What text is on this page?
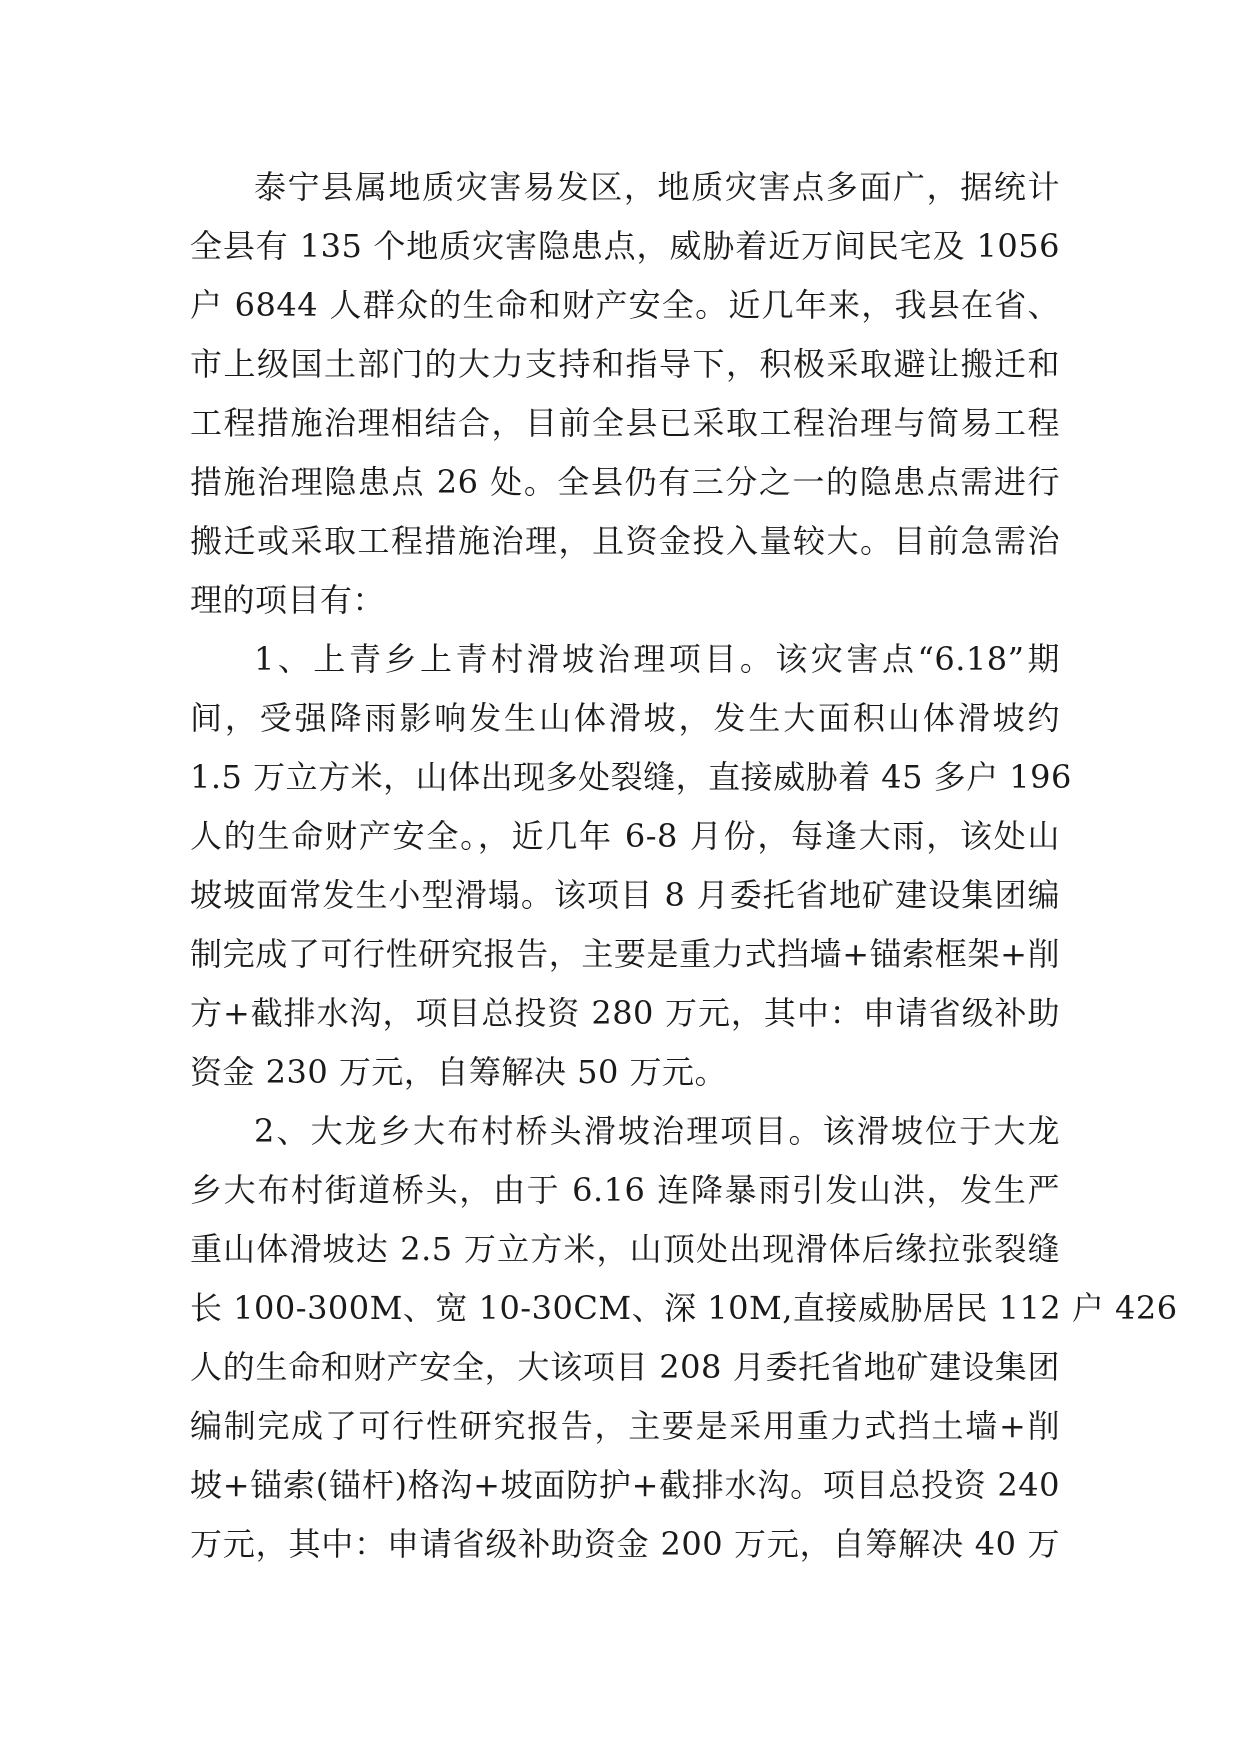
泰宁县属地质灾害易发区，地质灾害点多面广，据统计
全县有 135 个地质灾害隐患点，威胁着近万间民宅及 1056
户 6844 人群众的生命和财产安全。近几年来，我县在省、
市上级国土部门的大力支持和指导下，积极采取避让搬迁和
工程措施治理相结合，目前全县已采取工程治理与简易工程
措施治理隐患点 26 处。全县仍有三分之一的隐患点需进行
搬迁或采取工程措施治理，且资金投入量较大。目前急需治
理的项目有：
1、上青乡上青村滑坡治理项目。该灾害点“6.18”期
间，受强降雨影响发生山体滑坡，发生大面积山体滑坡约
1.5 万立方米，山体出现多处裂缝，直接威胁着 45 多户 196
人的生命财产安全。，近几年 6-8 月份，每逢大雨，该处山
坡坡面常发生小型滑塌。该项目 8 月委托省地矿建设集团编
制完成了可行性研究报告，主要是重力式挡墙+锚索框架+削
方+截排水沟，项目总投资 280 万元，其中：申请省级补助
资金 230 万元，自筹解决 50 万元。
2、大龙乡大布村桥头滑坡治理项目。该滑坡位于大龙
乡大布村街道桥头，由于 6.16 连降暴雨引发山洪，发生严
重山体滑坡达 2.5 万立方米，山顶处出现滑体后缘拉张裂缝
长 100-300M、宽 10-30CM、深 10M,直接威胁居民 112 户 426
人的生命和财产安全，大该项目 208 月委托省地矿建设集团
编制完成了可行性研究报告，主要是采用重力式挡土墙+削
坡+锚索(锚杆)格沟+坡面防护+截排水沟。项目总投资 240
万元，其中：申请省级补助资金 200 万元，自筹解决 40 万
